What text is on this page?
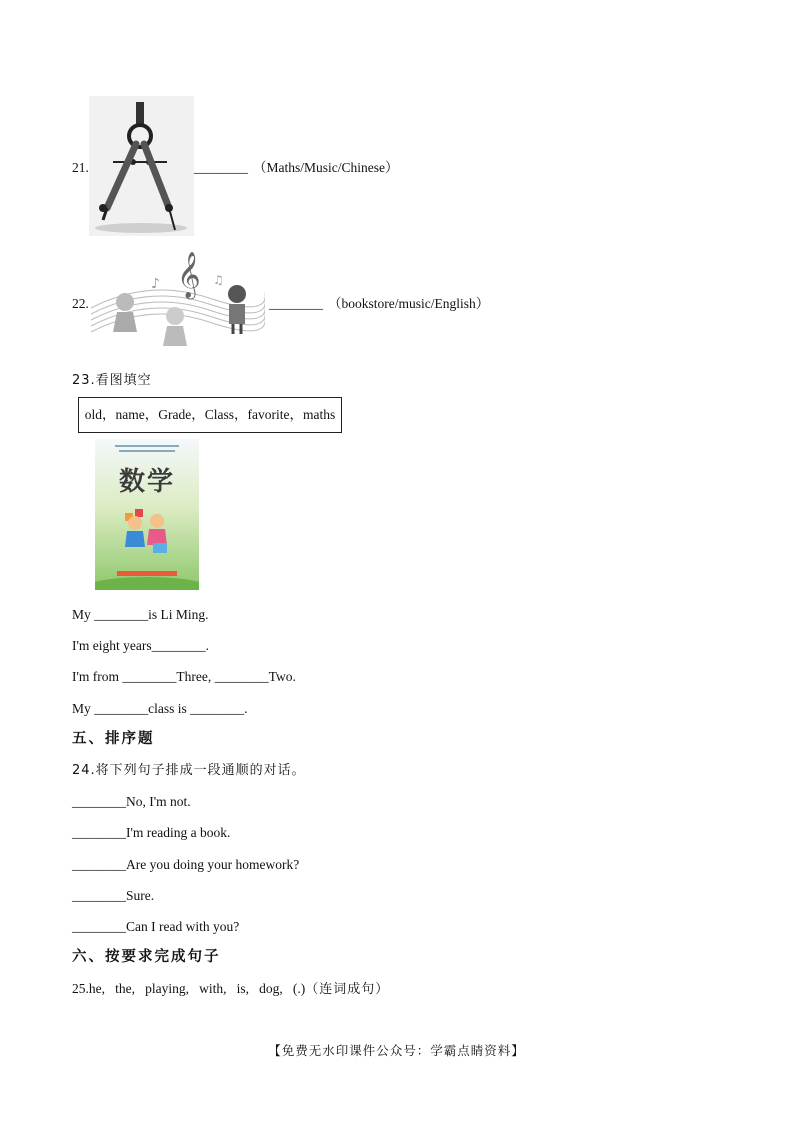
21.	________ （Maths/Music/Chinese）
22.
𝄞
♪	♫
________ （bookstore/music/English）
23.看图填空
old，name，Grade，Class，favorite，maths
数学
My ________is Li Ming.
I'm eight years________.
I'm from ________Three, ________Two.
My ________class is ________.
五、排序题
24.将下列句子排成一段通顺的对话。
________No, I'm not.
________I'm reading a book.
________Are you doing your homework?
________Sure.
________Can I read with you?
六、按要求完成句子
25.he,   the,   playing,   with,   is,   dog,   (.)（连词成句）
【免费无水印课件公众号：学霸点睛资料】
